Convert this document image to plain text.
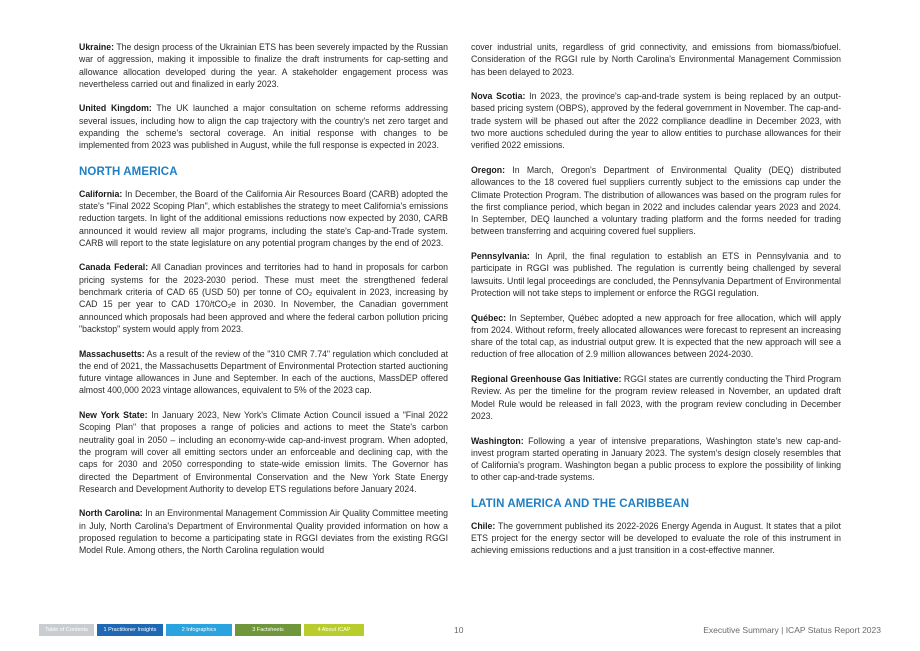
Ukraine: The design process of the Ukrainian ETS has been severely impacted by the Russian war of aggression, making it impossible to finalize the draft instruments for cap-setting and allowance allocation developed during the year. A stakeholder engagement process was nevertheless carried out and finalized in early 2023.

United Kingdom: The UK launched a major consultation on scheme reforms addressing several issues, including how to align the cap trajectory with the country's net zero target and expanding the scheme's sectoral coverage. An initial response with changes to be implemented from 2023 was published in August, while the full response is expected in 2023.

NORTH AMERICA

California: In December, the Board of the California Air Resources Board (CARB) adopted the state's "Final 2022 Scoping Plan", which establishes the strategy to meet California's emissions reduction targets. In light of the additional emissions reductions now expected by 2030, CARB announced it would review all major programs, including the state's Cap-and-Trade system. CARB will report to the state legislature on any potential program changes by the end of 2023.

Canada Federal: All Canadian provinces and territories had to hand in proposals for carbon pricing systems for the 2023-2030 period. These must meet the strengthened federal benchmark criteria of CAD 65 (USD 50) per tonne of CO₂ equivalent in 2023, increasing by CAD 15 per year to CAD 170/tCO₂e in 2030. In November, the Canadian government announced which proposals had been approved and where the federal carbon pollution pricing "backstop" system would apply from 2023.

Massachusetts: As a result of the review of the "310 CMR 7.74" regulation which concluded at the end of 2021, the Massachusetts Department of Environmental Protection started auctioning future vintage allowances in June and September. In each of the auctions, MassDEP offered almost 400,000 2023 vintage allowances, equivalent to 5% of the 2023 cap.

New York State: In January 2023, New York's Climate Action Council issued a "Final 2022 Scoping Plan" that proposes a range of policies and actions to meet the State's carbon neutrality goal in 2050 – including an economy-wide cap-and-invest program. When adopted, the program will cover all emitting sectors under an enforceable and declining cap, with the caps for 2030 and 2050 corresponding to state-wide emission limits. The Governor has directed the Department of Environmental Conservation and the New York State Energy Research and Development Authority to develop ETS regulations before January 2024.

North Carolina: In an Environmental Management Commission Air Quality Committee meeting in July, North Carolina's Department of Environmental Quality provided information on how a proposed regulation to become a participating state in RGGI deviates from the existing RGGI Model Rule. Among others, the North Carolina regulation would

cover industrial units, regardless of grid connectivity, and emissions from biomass/biofuel. Consideration of the RGGI rule by North Carolina's Environmental Management Commission has been delayed to 2023.

Nova Scotia: In 2023, the province's cap-and-trade system is being replaced by an output-based pricing system (OBPS), approved by the federal government in November. The cap-and-trade system will be phased out after the 2022 compliance deadline in December 2023, with two more auctions scheduled during the year to allow entities to purchase allowances for their verified 2022 emissions.

Oregon: In March, Oregon's Department of Environmental Quality (DEQ) distributed allowances to the 18 covered fuel suppliers currently subject to the emissions cap under the Climate Protection Program. The distribution of allowances was based on the program rules for the first compliance period, which began in 2022 and includes calendar years 2023 and 2024. In September, DEQ launched a voluntary trading platform and the forms needed for trading between transferring and acquiring covered fuel suppliers.

Pennsylvania: In April, the final regulation to establish an ETS in Pennsylvania and to participate in RGGI was published. The regulation is currently being challenged by several lawsuits. Until legal proceedings are concluded, the Pennsylvania Department of Environmental Protection will not take steps to implement or enforce the RGGI regulation.

Québec: In September, Québec adopted a new approach for free allocation, which will apply from 2024. Without reform, freely allocated allowances were forecast to represent an increasing share of the total cap, as industrial output grew. It is expected that the new approach will see a reduction of free allocation of 2.9 million allowances between 2024-2030.

Regional Greenhouse Gas Initiative: RGGI states are currently conducting the Third Program Review. As per the timeline for the program review released in November, an updated draft Model Rule would be released in fall 2023, with the program review concluding in December 2023.

Washington: Following a year of intensive preparations, Washington state's new cap-and-invest program started operating in January 2023. The system's design closely resembles that of California's program. Washington began a public process to explore the possibility of linking to other cap-and-trade systems.

LATIN AMERICA AND THE CARIBBEAN

Chile: The government published its 2022-2026 Energy Agenda in August. It states that a pilot ETS project for the energy sector will be developed to evaluate the role of this instrument in achieving emissions reductions and a just transition in a cost-effective manner.

Table of Contents	1 Practitioner Insights	2 Infographics	3 Factsheets	4 About ICAP	10	Executive Summary | ICAP Status Report 2023
